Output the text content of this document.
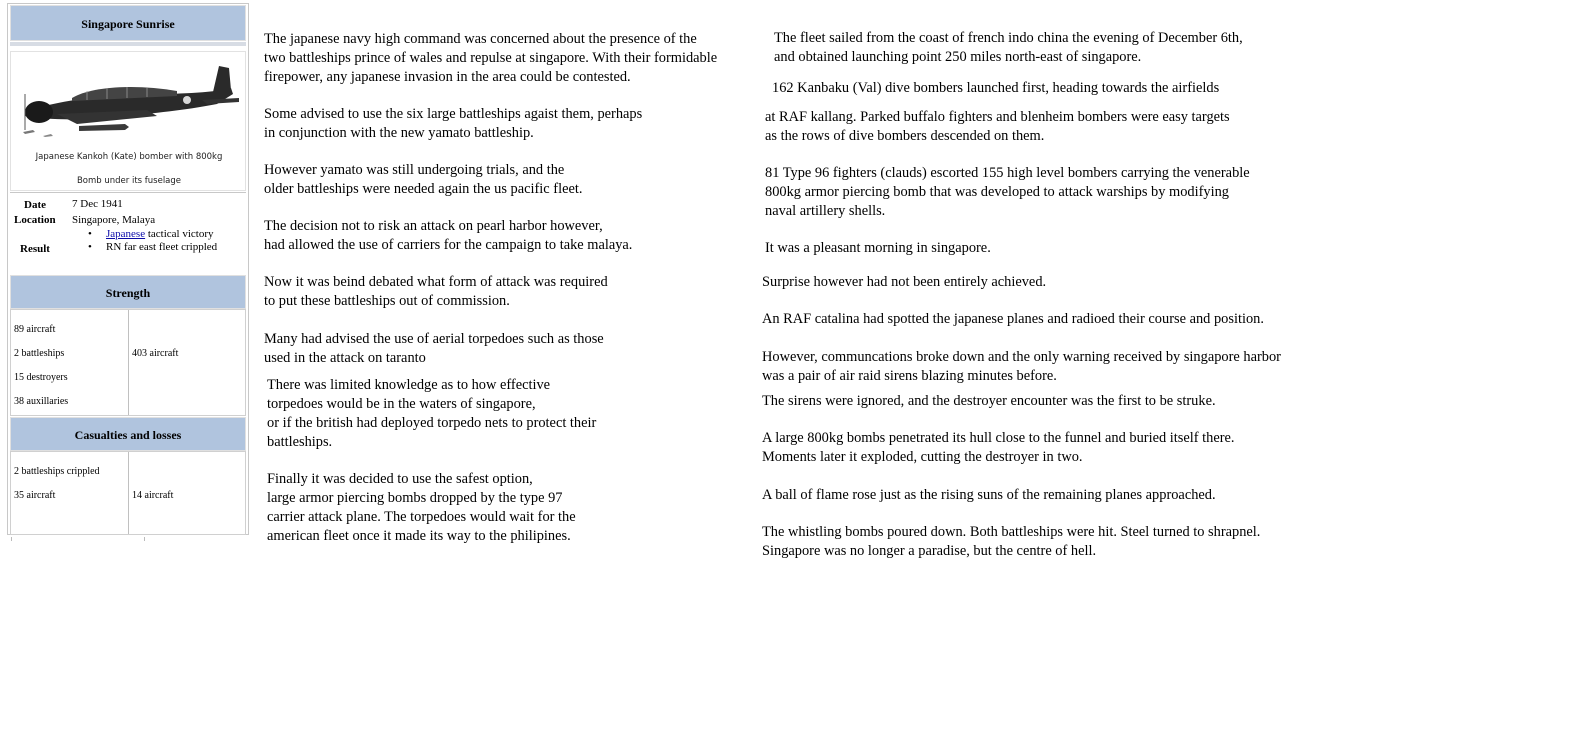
Singapore Sunrise
Japanese Kankoh (Kate) bomber with 800kg
Bomb under its fuselage
Date 7 Dec 1941
Location Singapore, Malaya
Result
• Japanese tactical victory
• RN far east fleet crippled
Strength
89 aircraft
2 battleships
15 destroyers
38 auxillaries
403 aircraft
Casualties and losses
2 battleships crippled
35 aircraft	14 aircraft

The japanese navy high command was concerned about the presence of the
two battleships prince of wales and repulse at singapore. With their formidable
firepower, any japanese invasion in the area could be contested.

Some advised to use the six large battleships agaist them, perhaps
in conjunction with the new yamato battleship.

However yamato was still undergoing trials, and the
older battleships were needed again the us pacific fleet.

The decision not to risk an attack on pearl harbor however,
had allowed the use of carriers for the campaign to take malaya.

Now it was beind debated what form of attack was required
to put these battleships out of commission.

Many had advised the use of aerial torpedoes such as those
used in the attack on taranto

There was limited knowledge as to how effective
torpedoes would be in the waters of singapore,
or if the british had deployed torpedo nets to protect their
battleships.

Finally it was decided to use the safest option,
large armor piercing bombs dropped by the type 97
carrier attack plane. The torpedoes would wait for the
american fleet once it made its way to the philipines.

The fleet sailed from the coast of french indo china the evening of December 6th,
and obtained launching point 250 miles north-east of singapore.

162 Kanbaku (Val) dive bombers launched first, heading towards the airfields

at RAF kallang. Parked buffalo fighters and blenheim bombers were easy targets
as the rows of dive bombers descended on them.

81 Type 96 fighters (clauds) escorted 155 high level bombers carrying the venerable
800kg armor piercing bomb that was developed to attack warships by modifying
naval artillery shells.

It was a pleasant morning in singapore.

Surprise however had not been entirely achieved.

An RAF catalina had spotted the japanese planes and radioed their course and position.

However, communcations broke down and the only warning received by singapore harbor
was a pair of air raid sirens blazing minutes before.

The sirens were ignored, and the destroyer encounter was the first to be struke.

A large 800kg bombs penetrated its hull close to the funnel and buried itself there.
Moments later it exploded, cutting the destroyer in two.

A ball of flame rose just as the rising suns of the remaining planes approached.

The whistling bombs poured down. Both battleships were hit. Steel turned to shrapnel.
Singapore was no longer a paradise, but the centre of hell.
